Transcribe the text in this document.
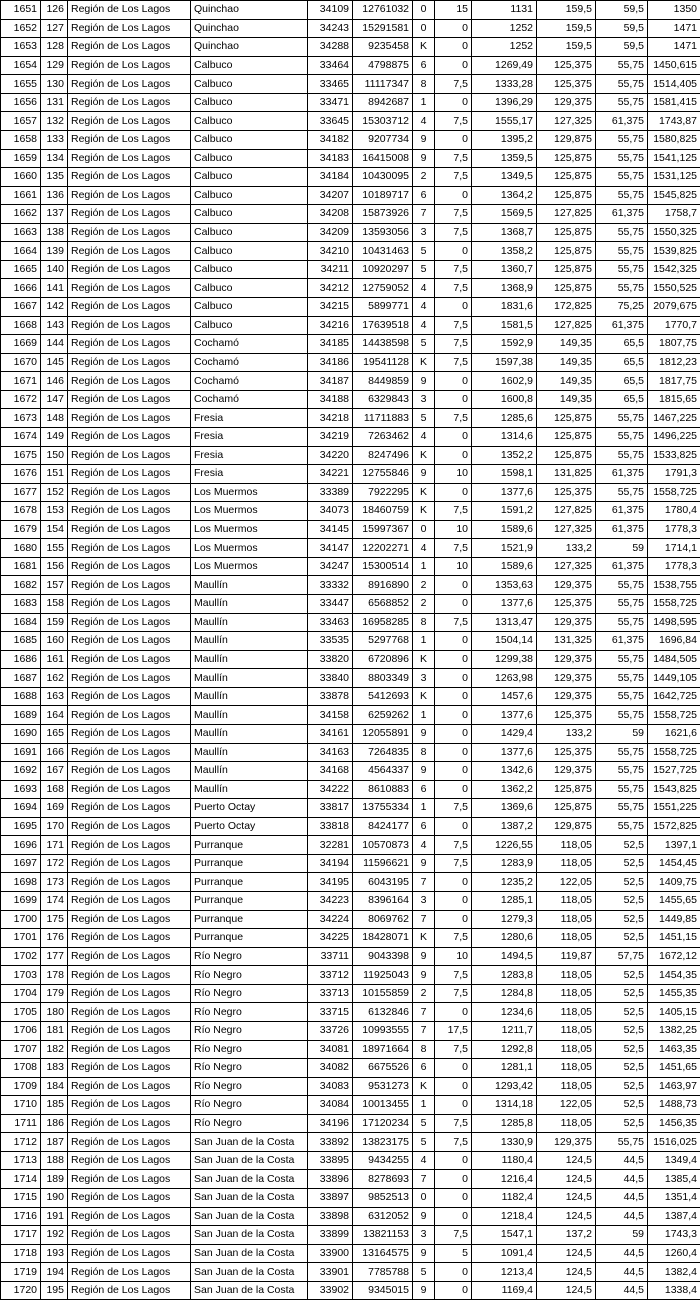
1651	126	Región de Los Lagos	Quinchao	34109	12761032	0	15	1131	159,5	59,5	1350
1652	127	Región de Los Lagos	Quinchao	34243	15291581	0	0	1252	159,5	59,5	1471
1653	128	Región de Los Lagos	Quinchao	34288	9235458	K	0	1252	159,5	59,5	1471
1654	129	Región de Los Lagos	Calbuco	33464	4798875	6	0	1269,49	125,375	55,75	1450,615
1655	130	Región de Los Lagos	Calbuco	33465	11117347	8	7,5	1333,28	125,375	55,75	1514,405
1656	131	Región de Los Lagos	Calbuco	33471	8942687	1	0	1396,29	129,375	55,75	1581,415
1657	132	Región de Los Lagos	Calbuco	33645	15303712	4	7,5	1555,17	127,325	61,375	1743,87
1658	133	Región de Los Lagos	Calbuco	34182	9207734	9	0	1395,2	129,875	55,75	1580,825
1659	134	Región de Los Lagos	Calbuco	34183	16415008	9	7,5	1359,5	125,875	55,75	1541,125
1660	135	Región de Los Lagos	Calbuco	34184	10430095	2	7,5	1349,5	125,875	55,75	1531,125
1661	136	Región de Los Lagos	Calbuco	34207	10189717	6	0	1364,2	125,875	55,75	1545,825
1662	137	Región de Los Lagos	Calbuco	34208	15873926	7	7,5	1569,5	127,825	61,375	1758,7
1663	138	Región de Los Lagos	Calbuco	34209	13593056	3	7,5	1368,7	125,875	55,75	1550,325
1664	139	Región de Los Lagos	Calbuco	34210	10431463	5	0	1358,2	125,875	55,75	1539,825
1665	140	Región de Los Lagos	Calbuco	34211	10920297	5	7,5	1360,7	125,875	55,75	1542,325
1666	141	Región de Los Lagos	Calbuco	34212	12759052	4	7,5	1368,9	125,875	55,75	1550,525
1667	142	Región de Los Lagos	Calbuco	34215	5899771	4	0	1831,6	172,825	75,25	2079,675
1668	143	Región de Los Lagos	Calbuco	34216	17639518	4	7,5	1581,5	127,825	61,375	1770,7
1669	144	Región de Los Lagos	Cochamó	34185	14438598	5	7,5	1592,9	149,35	65,5	1807,75
1670	145	Región de Los Lagos	Cochamó	34186	19541128	K	7,5	1597,38	149,35	65,5	1812,23
1671	146	Región de Los Lagos	Cochamó	34187	8449859	9	0	1602,9	149,35	65,5	1817,75
1672	147	Región de Los Lagos	Cochamó	34188	6329843	3	0	1600,8	149,35	65,5	1815,65
1673	148	Región de Los Lagos	Fresia	34218	11711883	5	7,5	1285,6	125,875	55,75	1467,225
1674	149	Región de Los Lagos	Fresia	34219	7263462	4	0	1314,6	125,875	55,75	1496,225
1675	150	Región de Los Lagos	Fresia	34220	8247496	K	0	1352,2	125,875	55,75	1533,825
1676	151	Región de Los Lagos	Fresia	34221	12755846	9	10	1598,1	131,825	61,375	1791,3
1677	152	Región de Los Lagos	Los Muermos	33389	7922295	K	0	1377,6	125,375	55,75	1558,725
1678	153	Región de Los Lagos	Los Muermos	34073	18460759	K	7,5	1591,2	127,825	61,375	1780,4
1679	154	Región de Los Lagos	Los Muermos	34145	15997367	0	10	1589,6	127,325	61,375	1778,3
1680	155	Región de Los Lagos	Los Muermos	34147	12202271	4	7,5	1521,9	133,2	59	1714,1
1681	156	Región de Los Lagos	Los Muermos	34247	15300514	1	10	1589,6	127,325	61,375	1778,3
1682	157	Región de Los Lagos	Maullín	33332	8916890	2	0	1353,63	129,375	55,75	1538,755
1683	158	Región de Los Lagos	Maullín	33447	6568852	2	0	1377,6	125,375	55,75	1558,725
1684	159	Región de Los Lagos	Maullín	33463	16958285	8	7,5	1313,47	129,375	55,75	1498,595
1685	160	Región de Los Lagos	Maullín	33535	5297768	1	0	1504,14	131,325	61,375	1696,84
1686	161	Región de Los Lagos	Maullín	33820	6720896	K	0	1299,38	129,375	55,75	1484,505
1687	162	Región de Los Lagos	Maullín	33840	8803349	3	0	1263,98	129,375	55,75	1449,105
1688	163	Región de Los Lagos	Maullín	33878	5412693	K	0	1457,6	129,375	55,75	1642,725
1689	164	Región de Los Lagos	Maullín	34158	6259262	1	0	1377,6	125,375	55,75	1558,725
1690	165	Región de Los Lagos	Maullín	34161	12055891	9	0	1429,4	133,2	59	1621,6
1691	166	Región de Los Lagos	Maullín	34163	7264835	8	0	1377,6	125,375	55,75	1558,725
1692	167	Región de Los Lagos	Maullín	34168	4564337	9	0	1342,6	129,375	55,75	1527,725
1693	168	Región de Los Lagos	Maullín	34222	8610883	6	0	1362,2	125,875	55,75	1543,825
1694	169	Región de Los Lagos	Puerto Octay	33817	13755334	1	7,5	1369,6	125,875	55,75	1551,225
1695	170	Región de Los Lagos	Puerto Octay	33818	8424177	6	0	1387,2	129,875	55,75	1572,825
1696	171	Región de Los Lagos	Purranque	32281	10570873	4	7,5	1226,55	118,05	52,5	1397,1
1697	172	Región de Los Lagos	Purranque	34194	11596621	9	7,5	1283,9	118,05	52,5	1454,45
1698	173	Región de Los Lagos	Purranque	34195	6043195	7	0	1235,2	122,05	52,5	1409,75
1699	174	Región de Los Lagos	Purranque	34223	8396164	3	0	1285,1	118,05	52,5	1455,65
1700	175	Región de Los Lagos	Purranque	34224	8069762	7	0	1279,3	118,05	52,5	1449,85
1701	176	Región de Los Lagos	Purranque	34225	18428071	K	7,5	1280,6	118,05	52,5	1451,15
1702	177	Región de Los Lagos	Río Negro	33711	9043398	9	10	1494,5	119,87	57,75	1672,12
1703	178	Región de Los Lagos	Río Negro	33712	11925043	9	7,5	1283,8	118,05	52,5	1454,35
1704	179	Región de Los Lagos	Río Negro	33713	10155859	2	7,5	1284,8	118,05	52,5	1455,35
1705	180	Región de Los Lagos	Río Negro	33715	6132846	7	0	1234,6	118,05	52,5	1405,15
1706	181	Región de Los Lagos	Río Negro	33726	10993555	7	17,5	1211,7	118,05	52,5	1382,25
1707	182	Región de Los Lagos	Río Negro	34081	18971664	8	7,5	1292,8	118,05	52,5	1463,35
1708	183	Región de Los Lagos	Río Negro	34082	6675526	6	0	1281,1	118,05	52,5	1451,65
1709	184	Región de Los Lagos	Río Negro	34083	9531273	K	0	1293,42	118,05	52,5	1463,97
1710	185	Región de Los Lagos	Río Negro	34084	10013455	1	0	1314,18	122,05	52,5	1488,73
1711	186	Región de Los Lagos	Río Negro	34196	17120234	5	7,5	1285,8	118,05	52,5	1456,35
1712	187	Región de Los Lagos	San Juan de la Costa	33892	13823175	5	7,5	1330,9	129,375	55,75	1516,025
1713	188	Región de Los Lagos	San Juan de la Costa	33895	9434255	4	0	1180,4	124,5	44,5	1349,4
1714	189	Región de Los Lagos	San Juan de la Costa	33896	8278693	7	0	1216,4	124,5	44,5	1385,4
1715	190	Región de Los Lagos	San Juan de la Costa	33897	9852513	0	0	1182,4	124,5	44,5	1351,4
1716	191	Región de Los Lagos	San Juan de la Costa	33898	6312052	9	0	1218,4	124,5	44,5	1387,4
1717	192	Región de Los Lagos	San Juan de la Costa	33899	13821153	3	7,5	1547,1	137,2	59	1743,3
1718	193	Región de Los Lagos	San Juan de la Costa	33900	13164575	9	5	1091,4	124,5	44,5	1260,4
1719	194	Región de Los Lagos	San Juan de la Costa	33901	7785788	5	0	1213,4	124,5	44,5	1382,4
1720	195	Región de Los Lagos	San Juan de la Costa	33902	9345015	9	0	1169,4	124,5	44,5	1338,4
